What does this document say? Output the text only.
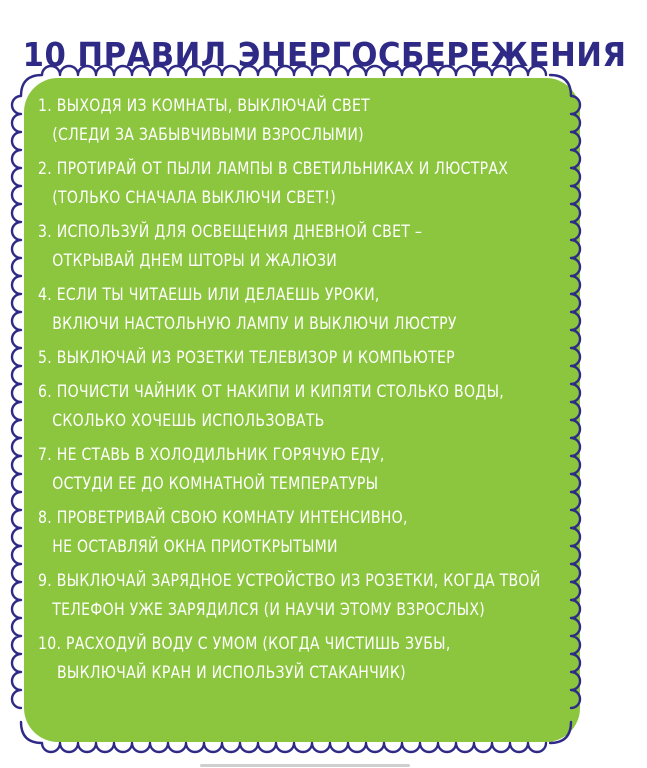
10 ПРАВИЛ ЭНЕРГОСБЕРЕЖЕНИЯ
1. ВЫХОДЯ ИЗ КОМНАТЫ, ВЫКЛЮЧАЙ СВЕТ
(СЛЕДИ ЗА ЗАБЫВЧИВЫМИ ВЗРОСЛЫМИ)
2. ПРОТИРАЙ ОТ ПЫЛИ ЛАМПЫ В СВЕТИЛЬНИКАХ И ЛЮСТРАХ
(ТОЛЬКО СНАЧАЛА ВЫКЛЮЧИ СВЕТ!)
3. ИСПОЛЬЗУЙ ДЛЯ ОСВЕЩЕНИЯ ДНЕВНОЙ СВЕТ –
ОТКРЫВАЙ ДНЕМ ШТОРЫ И ЖАЛЮЗИ
4. ЕСЛИ ТЫ ЧИТАЕШЬ ИЛИ ДЕЛАЕШЬ УРОКИ,
ВКЛЮЧИ НАСТОЛЬНУЮ ЛАМПУ И ВЫКЛЮЧИ ЛЮСТРУ
5. ВЫКЛЮЧАЙ ИЗ РОЗЕТКИ ТЕЛЕВИЗОР И КОМПЬЮТЕР
6. ПОЧИСТИ ЧАЙНИК ОТ НАКИПИ И КИПЯТИ СТОЛЬКО ВОДЫ,
СКОЛЬКО ХОЧЕШЬ ИСПОЛЬЗОВАТЬ
7. НЕ СТАВЬ В ХОЛОДИЛЬНИК ГОРЯЧУЮ ЕДУ,
ОСТУДИ ЕЕ ДО КОМНАТНОЙ ТЕМПЕРАТУРЫ
8. ПРОВЕТРИВАЙ СВОЮ КОМНАТУ ИНТЕНСИВНО,
НЕ ОСТАВЛЯЙ ОКНА ПРИОТКРЫТЫМИ
9. ВЫКЛЮЧАЙ ЗАРЯДНОЕ УСТРОЙСТВО ИЗ РОЗЕТКИ, КОГДА ТВОЙ
ТЕЛЕФОН УЖЕ ЗАРЯДИЛСЯ (И НАУЧИ ЭТОМУ ВЗРОСЛЫХ)
10. РАСХОДУЙ ВОДУ С УМОМ (КОГДА ЧИСТИШЬ ЗУБЫ,
ВЫКЛЮЧАЙ КРАН И ИСПОЛЬЗУЙ СТАКАНЧИК)
